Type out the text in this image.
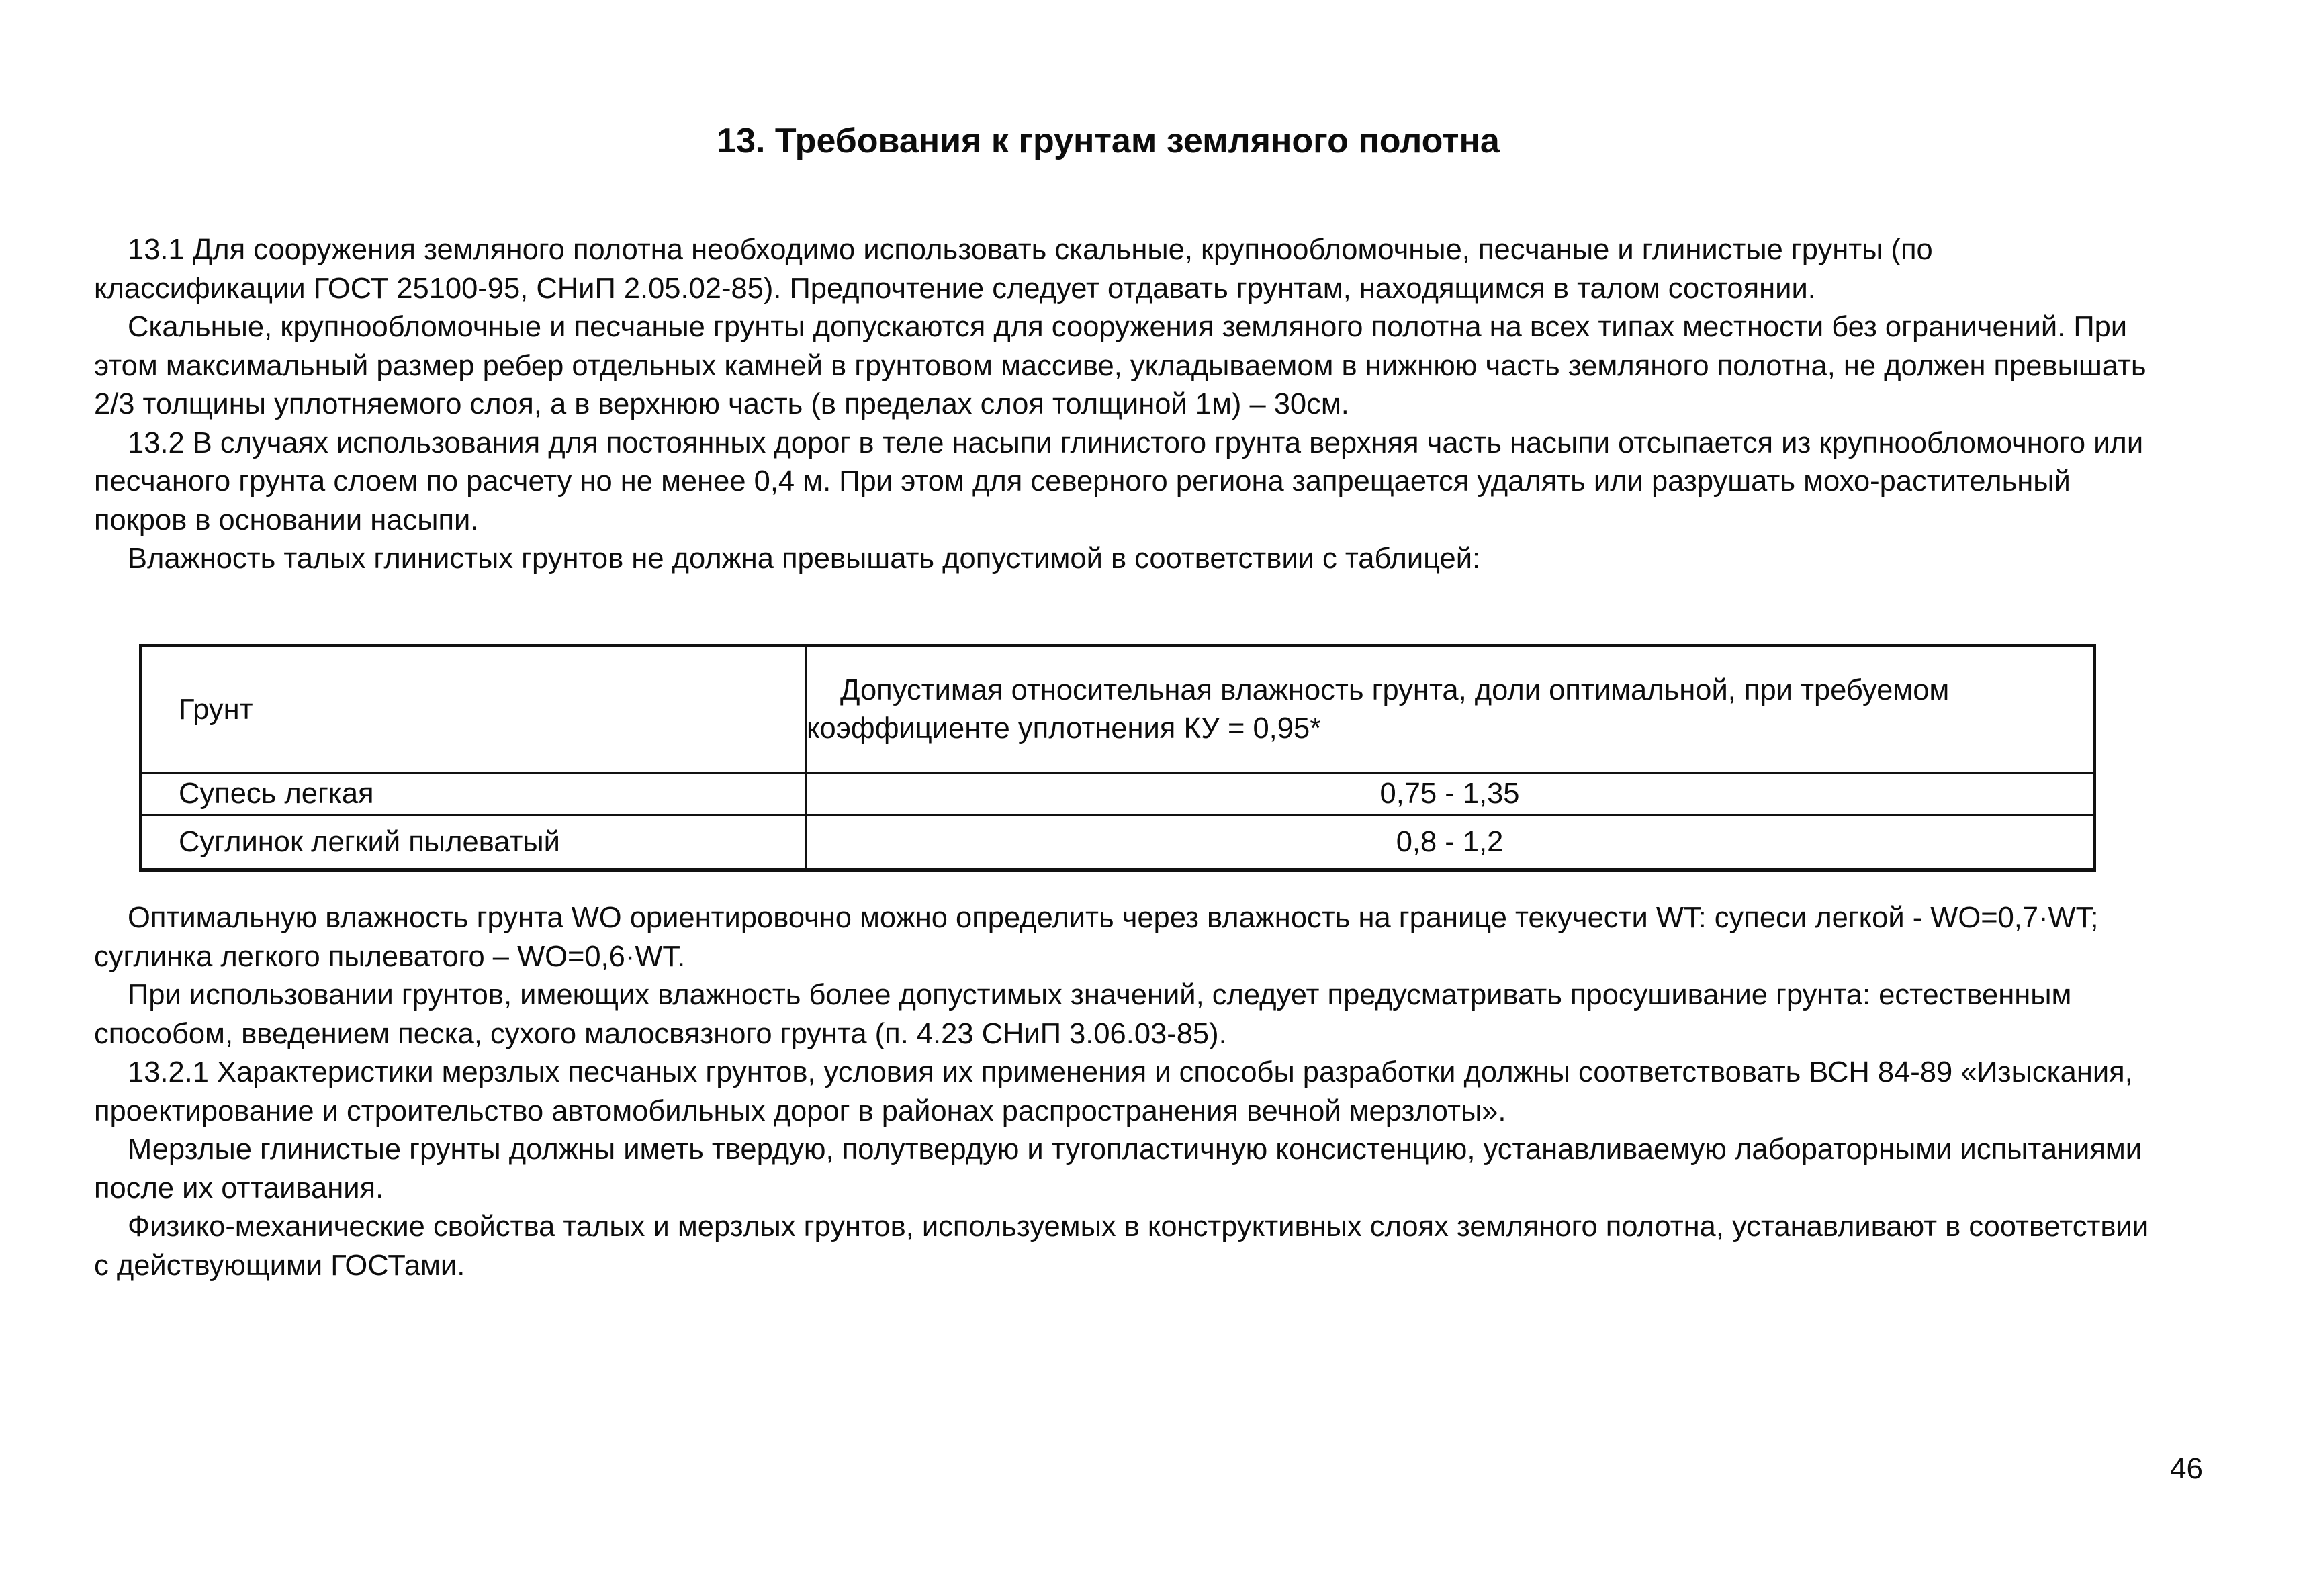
13. Требования к грунтам земляного полотна

13.1 Для сооружения земляного полотна необходимо использовать скальные, крупнообломочные, песчаные и глинистые грунты (по классификации ГОСТ 25100-95, СНиП 2.05.02-85). Предпочтение следует отдавать грунтам, находящимся в талом состоянии.

Скальные, крупнообломочные и песчаные грунты допускаются для сооружения земляного полотна на всех типах местности без ограничений. При этом максимальный размер ребер отдельных камней в грунтовом массиве, укладываемом в нижнюю часть земляного полотна, не должен превышать 2/3 толщины уплотняемого слоя, а в верхнюю часть (в пределах слоя толщиной 1м) – 30см.

13.2 В случаях использования для постоянных дорог в теле насыпи глинистого грунта верхняя часть насыпи отсыпается из крупнообломочного или песчаного грунта слоем по расчету но не менее 0,4 м. При этом для северного региона запрещается удалять или разрушать мохо-растительный покров в основании насыпи.

Влажность талых глинистых грунтов не должна превышать допустимой в соответствии с таблицей:

Грунт	Допустимая относительная влажность грунта, доли оптимальной, при требуемом
коэффициенте уплотнения КУ = 0,95*

Супесь легкая	0,75 - 1,35
Суглинок легкий пылеватый	0,8 - 1,2

Оптимальную влажность грунта WO ориентировочно можно определить через влажность на границе текучести WT: супеси легкой - WO=0,7·WT; суглинка легкого пылеватого – WO=0,6·WT.

При использовании грунтов, имеющих влажность более допустимых значений, следует предусматривать просушивание грунта: естественным способом, введением песка, сухого малосвязного грунта (п. 4.23 СНиП 3.06.03-85).

13.2.1 Характеристики мерзлых песчаных грунтов, условия их применения и способы разработки должны соответствовать ВСН 84-89 «Изыскания, проектирование и строительство автомобильных дорог в районах распространения вечной мерзлоты».

Мерзлые глинистые грунты должны иметь твердую, полутвердую и тугопластичную консистенцию, устанавливаемую лабораторными испытаниями после их оттаивания.

Физико-механические свойства талых и мерзлых грунтов, используемых в конструктивных слоях земляного полотна, устанавливают в соответствии с действующими ГОСТами.

46
